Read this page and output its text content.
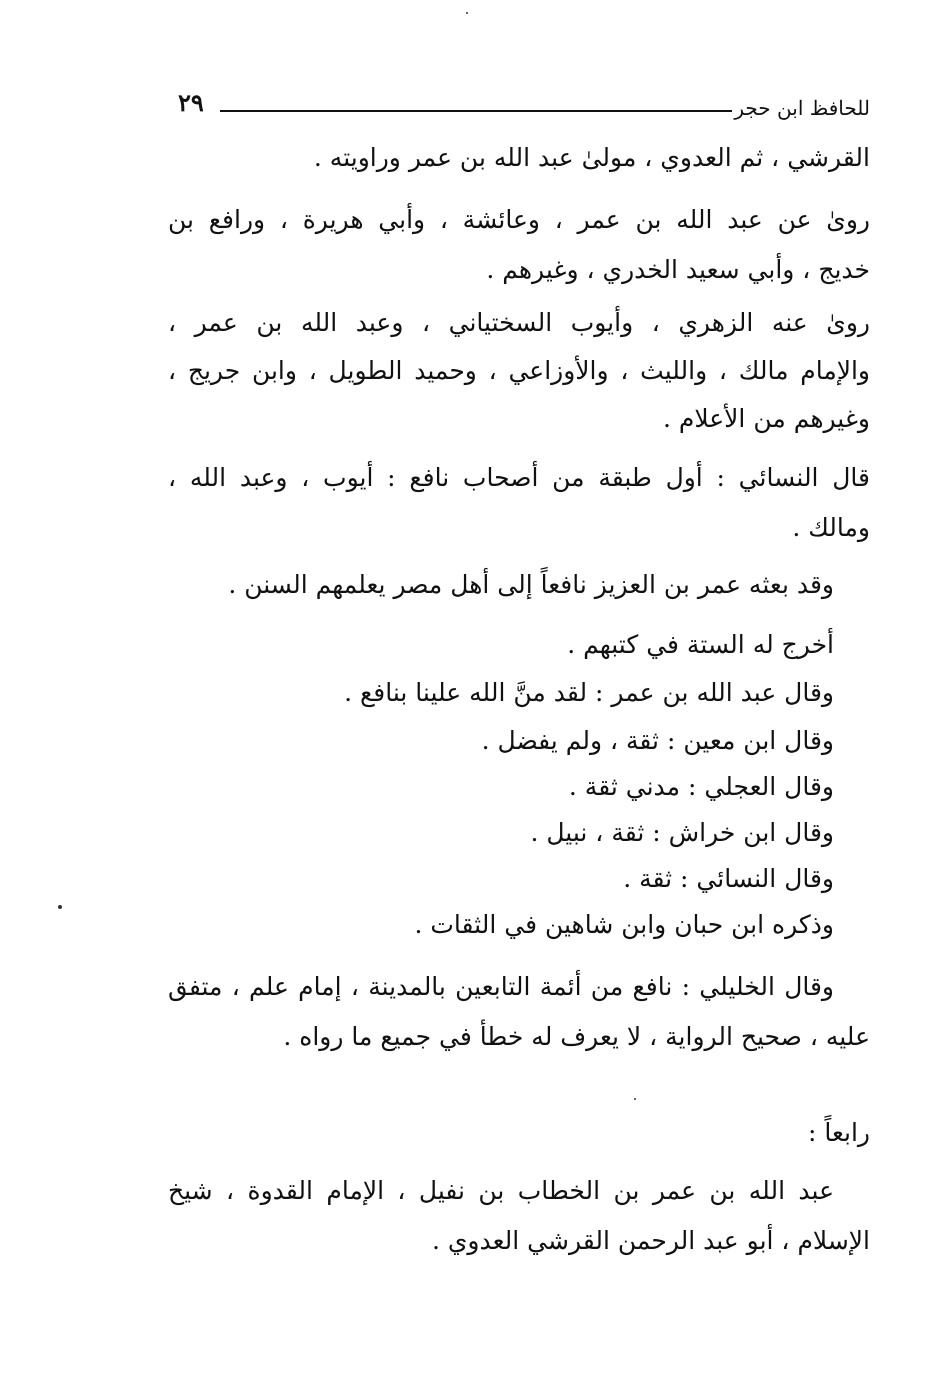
للحافظ ابن حجر
٢٩
القرشي ، ثم العدوي ، مولىٰ عبد الله بن عمر وراويته .
رویٰ عن عبد الله بن عمر ، وعائشة ، وأبي هريرة ، ورافع بن
خديج ، وأبي سعيد الخدري ، وغيرهم .
روىٰ عنه الزهري ، وأيوب السختياني ، وعبد الله بن عمر ،
والإمام مالك ، والليث ، والأوزاعي ، وحميد الطويل ، وابن جريج ،
وغيرهم من الأعلام .
قال النسائي : أول طبقة من أصحاب نافع : أيوب ، وعبد الله ،
ومالك .
وقد بعثه عمر بن العزيز نافعاً إلى أهل مصر يعلمهم السنن .
أخرج له الستة في كتبهم .
وقال عبد الله بن عمر : لقد منَّ الله علينا بنافع .
وقال ابن معين : ثقة ، ولم يفضل .
وقال العجلي : مدني ثقة .
وقال ابن خراش : ثقة ، نبيل .
وقال النسائي : ثقة .
وذكره ابن حبان وابن شاهين في الثقات .
وقال الخليلي : نافع من أئمة التابعين بالمدينة ، إمام علم ، متفق
عليه ، صحيح الرواية ، لا يعرف له خطأ في جميع ما رواه .
رابعاً :
عبد الله بن عمر بن الخطاب بن نفيل ، الإمام القدوة ، شيخ
الإسلام ، أبو عبد الرحمن القرشي العدوي .
